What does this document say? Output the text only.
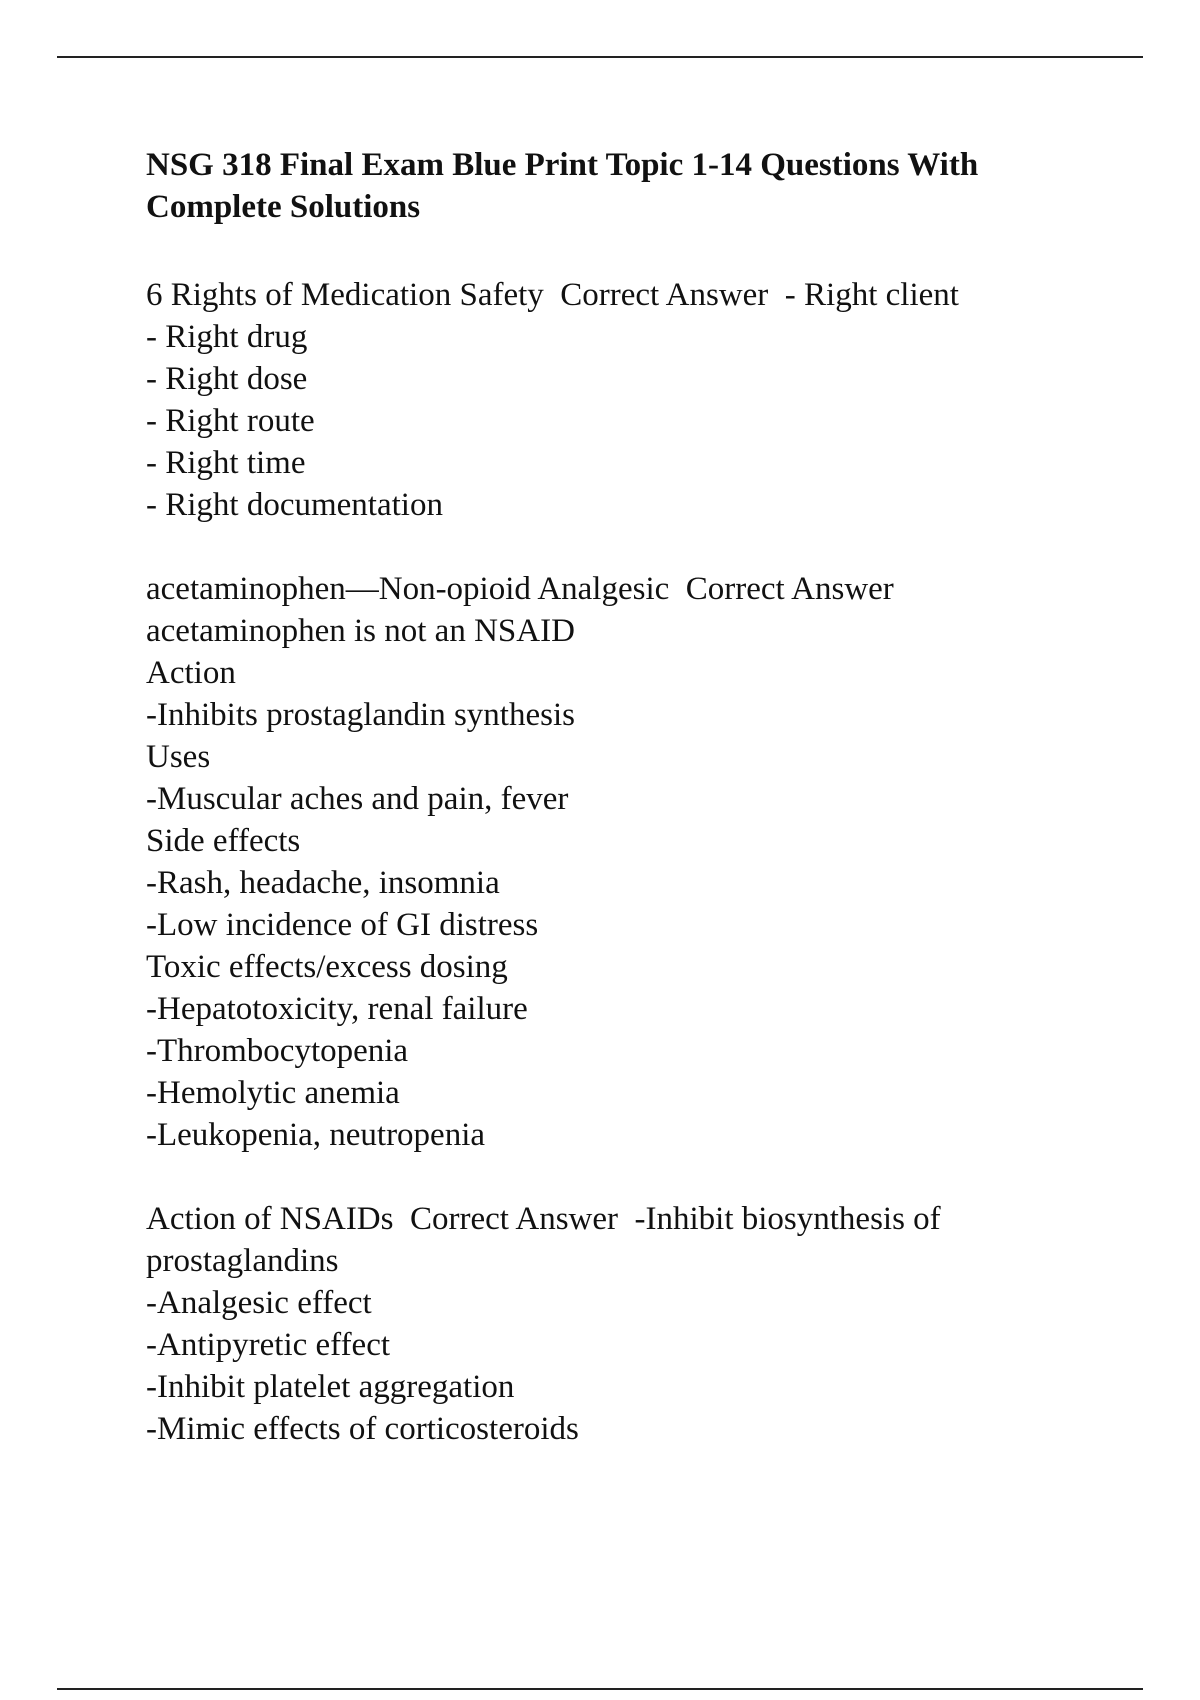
NSG 318 Final Exam Blue Print Topic 1-14 Questions With Complete Solutions

6 Rights of Medication Safety  Correct Answer  - Right client

- Right drug

- Right dose

- Right route

- Right time

- Right documentation

acetaminophen—Non-opioid Analgesic  Correct Answer

acetaminophen is not an NSAID

Action

-Inhibits prostaglandin synthesis

Uses

-Muscular aches and pain, fever

Side effects

-Rash, headache, insomnia

-Low incidence of GI distress

Toxic effects/excess dosing

-Hepatotoxicity, renal failure

-Thrombocytopenia

-Hemolytic anemia

-Leukopenia, neutropenia

Action of NSAIDs  Correct Answer  -Inhibit biosynthesis of

prostaglandins

-Analgesic effect

-Antipyretic effect

-Inhibit platelet aggregation

-Mimic effects of corticosteroids
